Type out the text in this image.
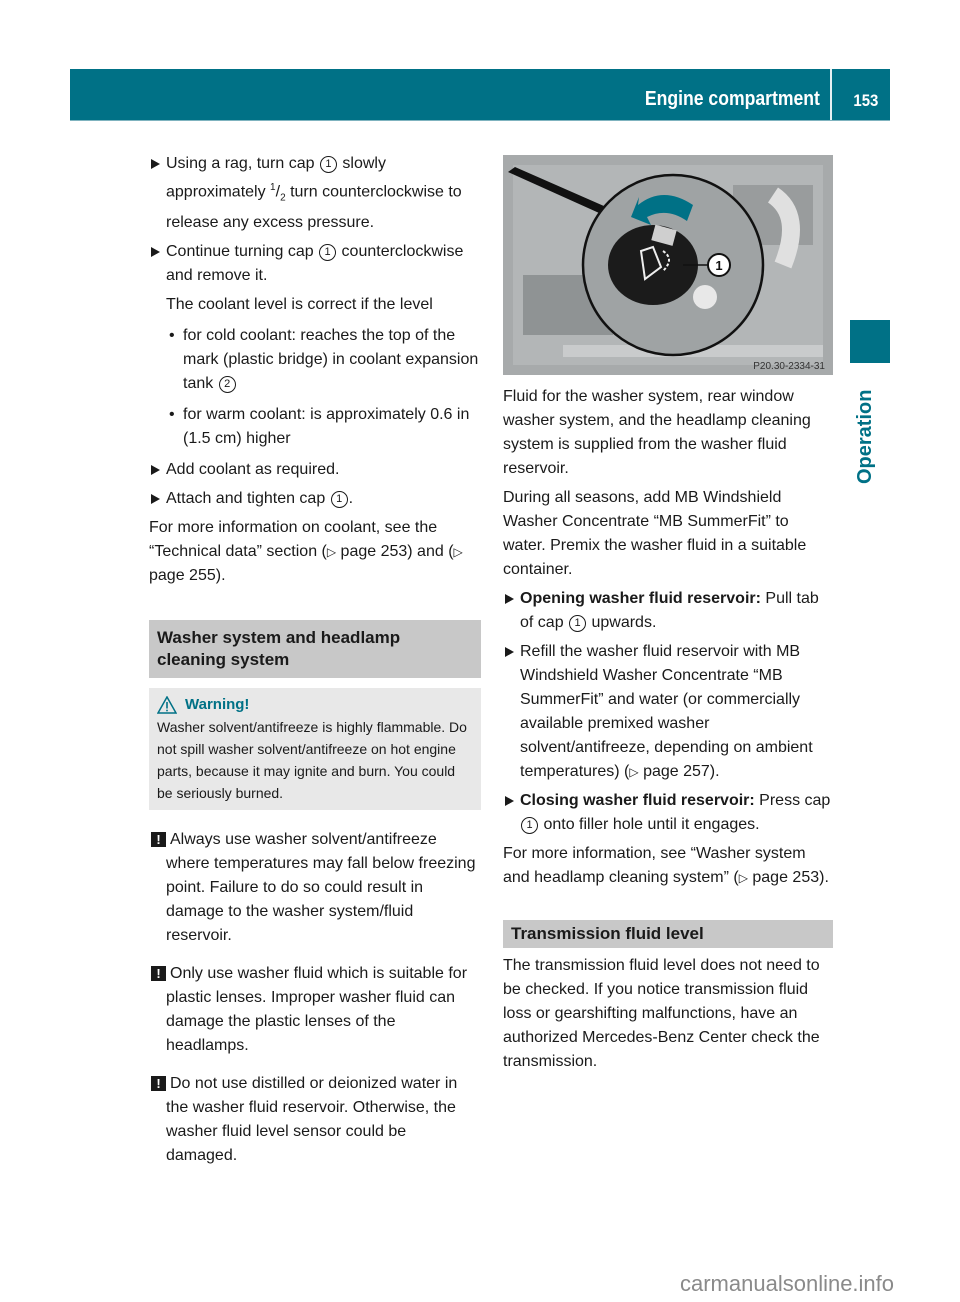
Engine compartment 153
Operation
Using a rag, turn cap 1 slowly approximately $^1/_2$ turn counterclockwise to release any excess pressure.
Continue turning cap 1 counterclockwise and remove it.
The coolant level is correct if the level
• for cold coolant: reaches the top of the mark (plastic bridge) in coolant expansion tank 2
• for warm coolant: is approximately 0.6 in (1.5 cm) higher
Add coolant as required.
Attach and tighten cap 1 .

For more information on coolant, see the “Technical data” section (▷ page 253) and (▷ page 255).

Washer system and headlamp cleaning system
Warning!
Washer solvent/antifreeze is highly flammable. Do not spill washer solvent/antifreeze on hot engine parts, because it may ignite and burn. You could be seriously burned.
! Always use washer solvent/antifreeze where temperatures may fall below freezing point. Failure to do so could result in damage to the washer system/fluid reservoir.
! Only use washer fluid which is suitable for plastic lenses. Improper washer fluid can damage the plastic lenses of the headlamps.
! Do not use distilled or deionized water in the washer fluid reservoir. Otherwise, the washer fluid level sensor could be damaged.
1
P20.30-2334-31

Fluid for the washer system, rear window washer system, and the headlamp cleaning system is supplied from the washer fluid reservoir.

During all seasons, add MB Windshield Washer Concentrate “MB SummerFit” to water. Premix the washer fluid in a suitable container.

Opening washer fluid reservoir: Pull tab of cap 1 upwards.
Refill the washer fluid reservoir with MB Windshield Washer Concentrate “MB SummerFit” and water (or commercially available premixed washer solvent/antifreeze, depending on ambient temperatures) (▷ page 257).
Closing washer fluid reservoir: Press cap 1 onto filler hole until it engages.

For more information, see “Washer system and headlamp cleaning system” (▷ page 253).

Transmission fluid level

The transmission fluid level does not need to be checked. If you notice transmission fluid loss or gearshifting malfunctions, have an authorized Mercedes-Benz Center check the transmission.

carmanualsonline.info
